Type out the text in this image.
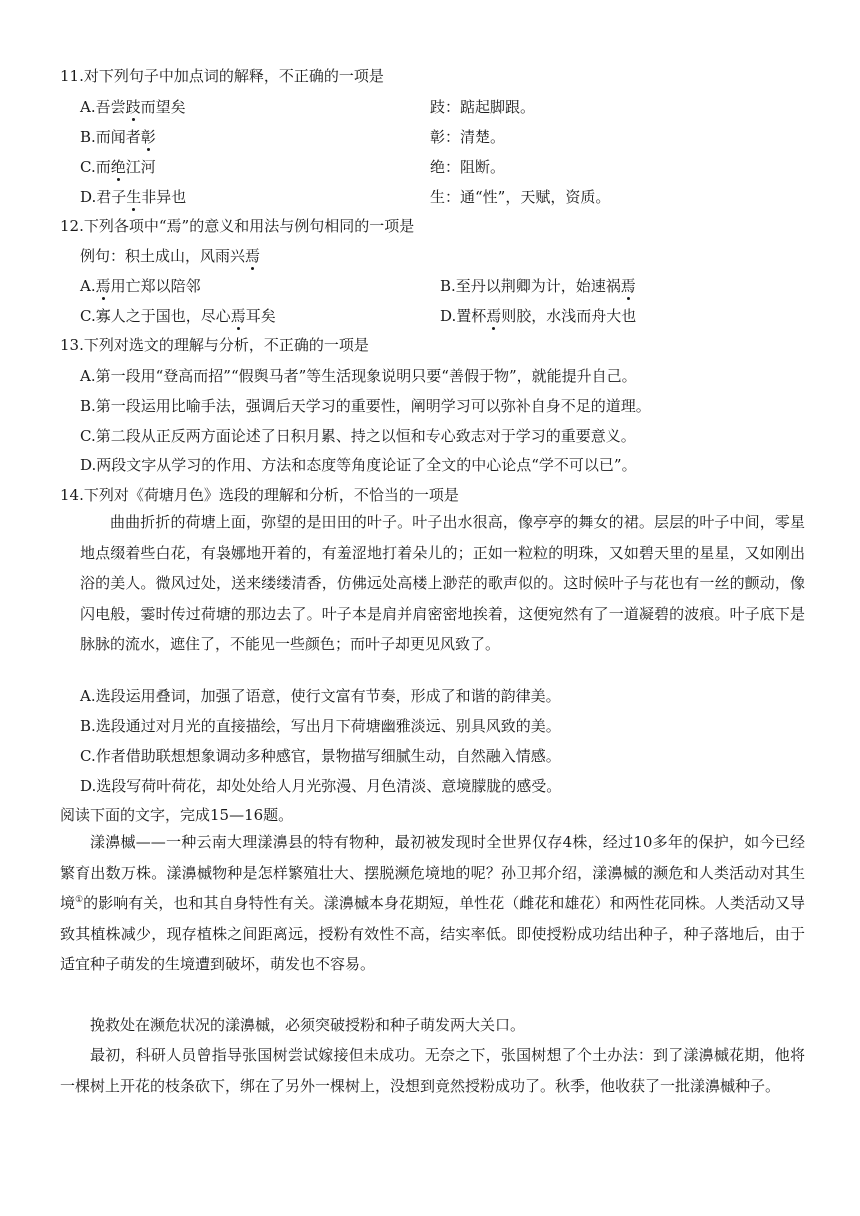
11.对下列句子中加点词的解释，不正确的一项是
A.吾尝跂而望矣	跂：踮起脚跟。
B.而闻者彰	彰：清楚。
C.而绝江河	绝：阻断。
D.君子生非异也	生：通“性”，天赋，资质。
12.下列各项中“焉”的意义和用法与例句相同的一项是
例句：积土成山，风雨兴焉
A.焉用亡郑以陪邻	B.至丹以荆卿为计，始速祸焉
C.寡人之于国也，尽心焉耳矣	D.置杯焉则胶，水浅而舟大也
13.下列对选文的理解与分析，不正确的一项是
A.第一段用“登高而招”“假舆马者”等生活现象说明只要“善假于物”，就能提升自己。
B.第一段运用比喻手法，强调后天学习的重要性，阐明学习可以弥补自身不足的道理。
C.第二段从正反两方面论述了日积月累、持之以恒和专心致志对于学习的重要意义。
D.两段文字从学习的作用、方法和态度等角度论证了全文的中心论点“学不可以已”。
14.下列对《荷塘月色》选段的理解和分析，不恰当的一项是
曲曲折折的荷塘上面，弥望的是田田的叶子。叶子出水很高，像亭亭的舞女的裙。层层的叶子中间，零星地点缀着些白花，有袅娜地开着的，有羞涩地打着朵儿的；正如一粒粒的明珠，又如碧天里的星星，又如刚出浴的美人。微风过处，送来缕缕清香，仿佛远处高楼上渺茫的歌声似的。这时候叶子与花也有一丝的颤动，像闪电般，霎时传过荷塘的那边去了。叶子本是肩并肩密密地挨着，这便宛然有了一道凝碧的波痕。叶子底下是脉脉的流水，遮住了，不能见一些颜色；而叶子却更见风致了。
A.选段运用叠词，加强了语意，使行文富有节奏，形成了和谐的韵律美。
B.选段通过对月光的直接描绘，写出月下荷塘幽雅淡远、别具风致的美。
C.作者借助联想想象调动多种感官，景物描写细腻生动，自然融入情感。
D.选段写荷叶荷花，却处处给人月光弥漫、月色清淡、意境朦胧的感受。
阅读下面的文字，完成15—16题。
漾濞槭——一种云南大理漾濞县的特有物种，最初被发现时全世界仅存4株，经过10多年的保护，如今已经繁育出数万株。漾濞槭物种是怎样繁殖壮大、摆脱濒危境地的呢？孙卫邦介绍，漾濞槭的濒危和人类活动对其生境①的影响有关，也和其自身特性有关。漾濞槭本身花期短，单性花（雌花和雄花）和两性花同株。人类活动又导致其植株减少，现存植株之间距离远，授粉有效性不高，结实率低。即使授粉成功结出种子，种子落地后，由于适宜种子萌发的生境遭到破坏，萌发也不容易。
挽救处在濒危状况的漾濞槭，必须突破授粉和种子萌发两大关口。
最初，科研人员曾指导张国树尝试嫁接但未成功。无奈之下，张国树想了个土办法：到了漾濞槭花期，他将一棵树上开花的枝条砍下，绑在了另外一棵树上，没想到竟然授粉成功了。秋季，他收获了一批漾濞槭种子。
